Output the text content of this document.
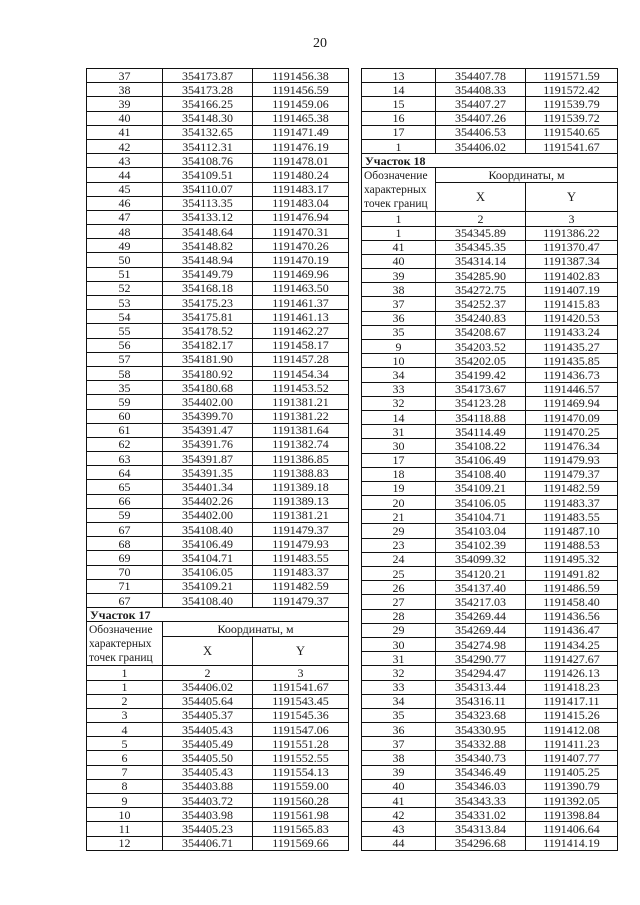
20
37	354173.87	1191456.38
38	354173.28	1191456.59
39	354166.25	1191459.06
40	354148.30	1191465.38
41	354132.65	1191471.49
42	354112.31	1191476.19
43	354108.76	1191478.01
44	354109.51	1191480.24
45	354110.07	1191483.17
46	354113.35	1191483.04
47	354133.12	1191476.94
48	354148.64	1191470.31
49	354148.82	1191470.26
50	354148.94	1191470.19
51	354149.79	1191469.96
52	354168.18	1191463.50
53	354175.23	1191461.37
54	354175.81	1191461.13
55	354178.52	1191462.27
56	354182.17	1191458.17
57	354181.90	1191457.28
58	354180.92	1191454.34
35	354180.68	1191453.52
59	354402.00	1191381.21
60	354399.70	1191381.22
61	354391.47	1191381.64
62	354391.76	1191382.74
63	354391.87	1191386.85
64	354391.35	1191388.83
65	354401.34	1191389.18
66	354402.26	1191389.13
59	354402.00	1191381.21
67	354108.40	1191479.37
68	354106.49	1191479.93
69	354104.71	1191483.55
70	354106.05	1191483.37
71	354109.21	1191482.59
67	354108.40	1191479.37
Участок 17		

Обозначение
характерных
точек границ	Координаты, м	
	X	Y
1	2	3
1	354406.02	1191541.67
2	354405.64	1191543.45
3	354405.37	1191545.36
4	354405.43	1191547.06
5	354405.49	1191551.28
6	354405.50	1191552.55
7	354405.43	1191554.13
8	354403.88	1191559.00
9	354403.72	1191560.28
10	354403.98	1191561.98
11	354405.23	1191565.83
12	354406.71	1191569.66
13	354407.78	1191571.59
14	354408.33	1191572.42
15	354407.27	1191539.79
16	354407.26	1191539.72
17	354406.53	1191540.65
1	354406.02	1191541.67
Участок 18		

Обозначение
характерных
точек границ	Координаты, м	
	X	Y
1	2	3
1	354345.89	1191386.22
41	354345.35	1191370.47
40	354314.14	1191387.34
39	354285.90	1191402.83
38	354272.75	1191407.19
37	354252.37	1191415.83
36	354240.83	1191420.53
35	354208.67	1191433.24
9	354203.52	1191435.27
10	354202.05	1191435.85
34	354199.42	1191436.73
33	354173.67	1191446.57
32	354123.28	1191469.94
14	354118.88	1191470.09
31	354114.49	1191470.25
30	354108.22	1191476.34
17	354106.49	1191479.93
18	354108.40	1191479.37
19	354109.21	1191482.59
20	354106.05	1191483.37
21	354104.71	1191483.55
29	354103.04	1191487.10
23	354102.39	1191488.53
24	354099.32	1191495.32
25	354120.21	1191491.82
26	354137.40	1191486.59
27	354217.03	1191458.40
28	354269.44	1191436.56
29	354269.44	1191436.47
30	354274.98	1191434.25
31	354290.77	1191427.67
32	354294.47	1191426.13
33	354313.44	1191418.23
34	354316.11	1191417.11
35	354323.68	1191415.26
36	354330.95	1191412.08
37	354332.88	1191411.23
38	354340.73	1191407.77
39	354346.49	1191405.25
40	354346.03	1191390.79
41	354343.33	1191392.05
42	354331.02	1191398.84
43	354313.84	1191406.64
44	354296.68	1191414.19
